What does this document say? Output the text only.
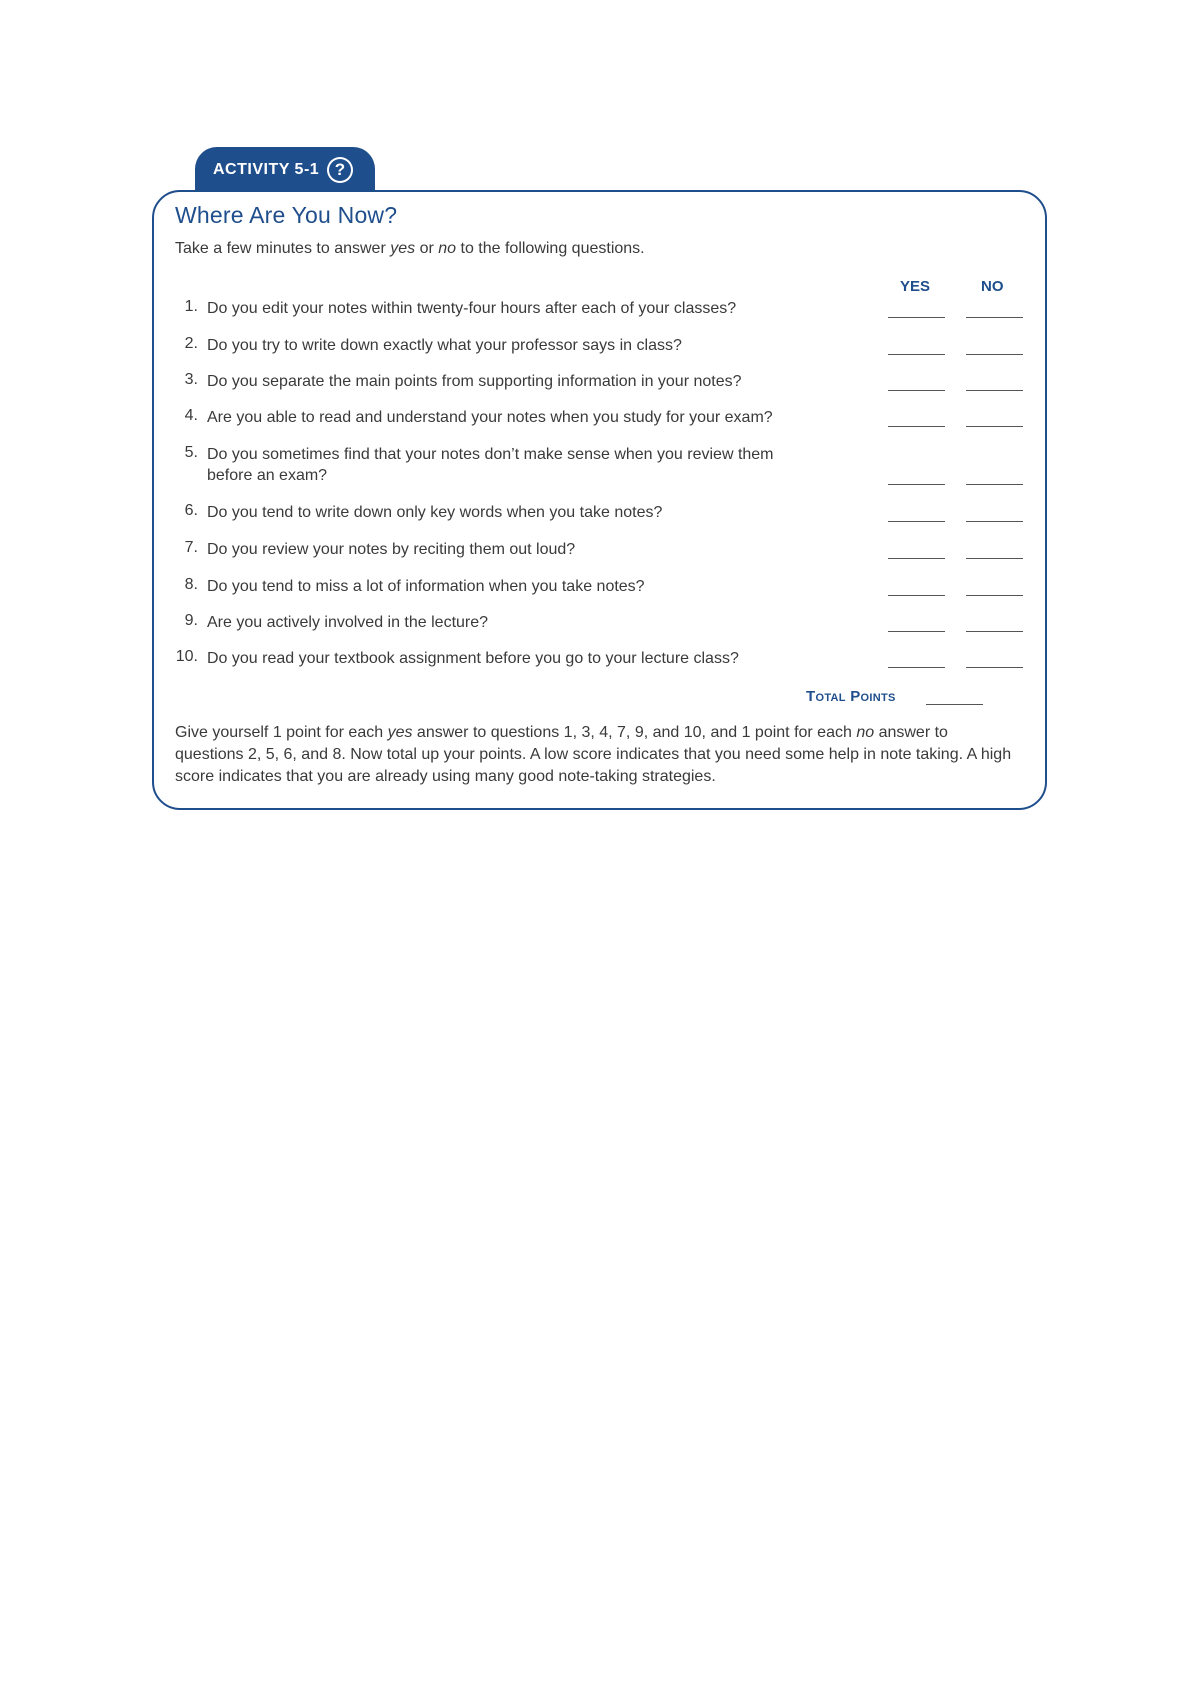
ACTIVITY 5-1 ?
Where Are You Now?
Take a few minutes to answer yes or no to the following questions.
YES	NO
1. Do you edit your notes within twenty-four hours after each of your classes?
2. Do you try to write down exactly what your professor says in class?
3. Do you separate the main points from supporting information in your notes?
4. Are you able to read and understand your notes when you study for your exam?
5. Do you sometimes find that your notes don’t make sense when you review them before an exam?
6. Do you tend to write down only key words when you take notes?
7. Do you review your notes by reciting them out loud?
8. Do you tend to miss a lot of information when you take notes?
9. Are you actively involved in the lecture?
10. Do you read your textbook assignment before you go to your lecture class?
Total Points
Give yourself 1 point for each yes answer to questions 1, 3, 4, 7, 9, and 10, and 1 point for each no answer to questions 2, 5, 6, and 8. Now total up your points. A low score indicates that you need some help in note taking. A high score indicates that you are already using many good note-taking strategies.
